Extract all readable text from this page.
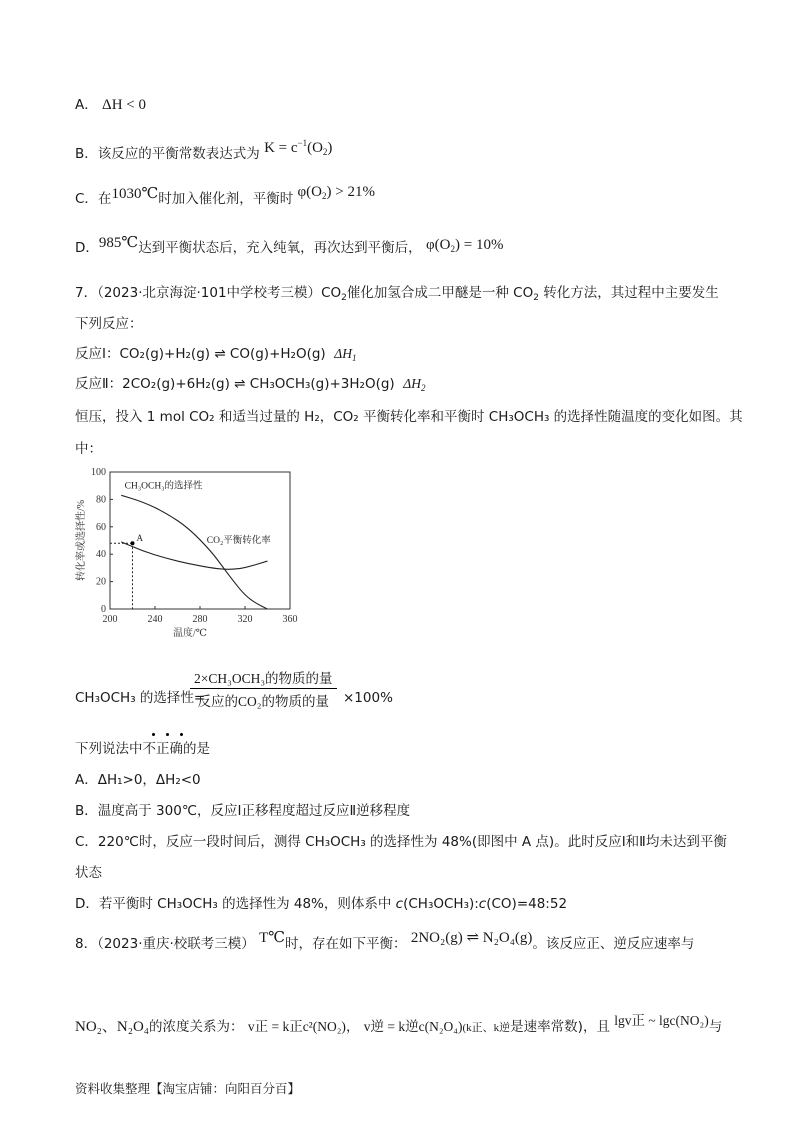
A． ΔH < 0
B．该反应的平衡常数表达式为 $K = c^{-1}(O_2)$
C．在1030℃时加入催化剂，平衡时 $\varphi(O_2) > 21\%$
D．985℃达到平衡状态后，充入纯氧，再次达到平衡后， $\varphi(O_2) = 10\%$
7．（2023·北京海淀·101中学校考三模）$CO_2$催化加氢合成二甲醚是一种 $CO_2$ 转化方法，其过程中主要发生
下列反应：
反应Ⅰ：CO₂(g)+H₂(g) ⇌ CO(g)+H₂O(g) $\Delta H_1$
反应Ⅱ：2CO₂(g)+6H₂(g) ⇌ CH₃OCH₃(g)+3H₂O(g) $\Delta H_2$
恒压，投入 1 mol CO₂ 和适当过量的 H₂，CO₂ 平衡转化率和平衡时 CH₃OCH₃ 的选择性随温度的变化如图。其
中：
200	240	280	320	360
0
20
40
60
80
100
温度/℃
转化率或选择性/%
CH₃OCH₃的选择性
CO₂平衡转化率
A
2×CH₃OCH₃的物质的量
反应的CO₂的物质的量
CH₃OCH₃ 的选择性=	×100%
下列说法中不正确的是
A．ΔH₁>0，ΔH₂<0
B．温度高于 300℃，反应Ⅰ正移程度超过反应Ⅱ逆移程度
C．220℃时，反应一段时间后，测得 CH₃OCH₃ 的选择性为 48%(即图中 A 点)。此时反应Ⅰ和Ⅱ均未达到平衡
状态
D．若平衡时 CH₃OCH₃ 的选择性为 48%，则体系中 c(CH₃OCH₃):c(CO)=48:52
8．（2023·重庆·校联考三模） T℃时，存在如下平衡： 2NO₂(g) ⇌ N₂O₄(g)。该反应正、逆反应速率与
NO₂、N₂O₄的浓度关系为： v正 = k正c²(NO₂)， v逆 = k逆c(N₂O₄)(k正、k逆是速率常数)，且 lgv正 ~ lgc(NO₂)与
资料收集整理【淘宝店铺：向阳百分百】
